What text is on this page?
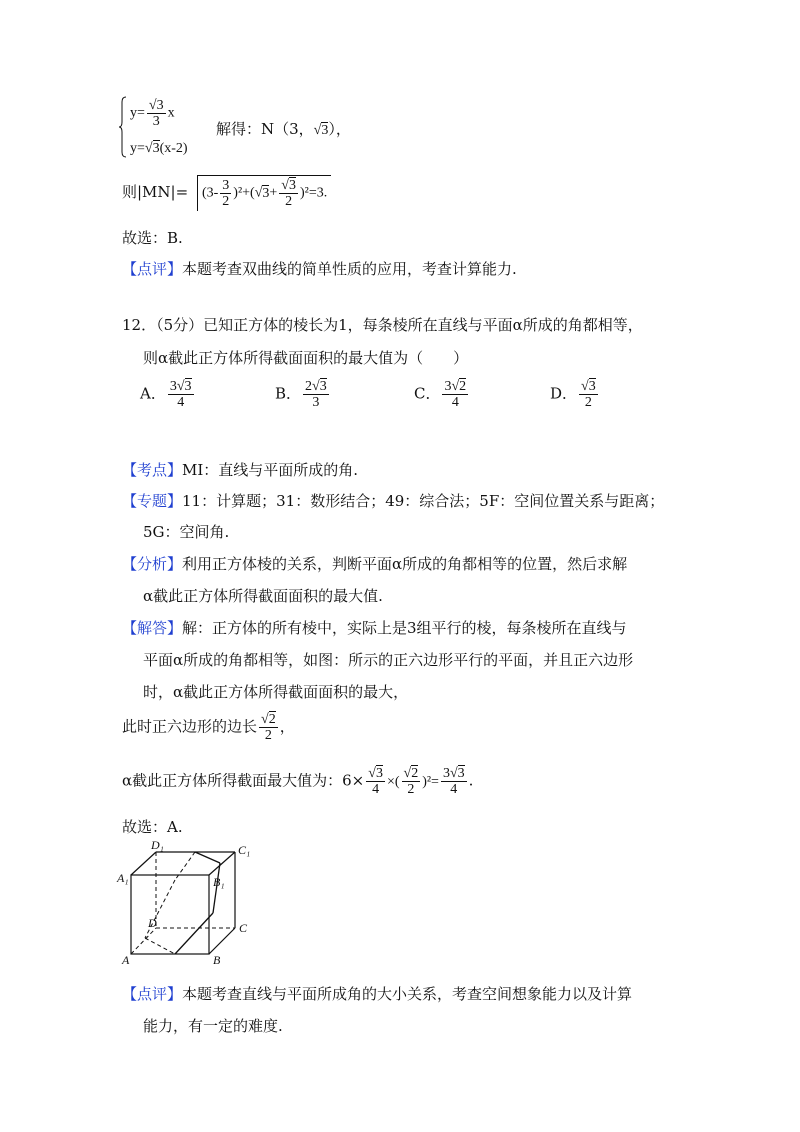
$y= \frac{√3}{3}$ x
y=√3(x-2)
解得：N（3，√3），
则$|MN|= (3- \frac{3}{2} )^2+(√3+ \frac{√3}{2} )^2=3$.
故选：B.
【点评】本题考查双曲线的简单性质的应用，考查计算能力.
12．（5分）已知正方体的棱长为1，每条棱所在直线与平面α所成的角都相等，
则α截此正方体所得截面面积的最大值为（　　）
A． $\frac{3√3}{4}$	B． $\frac{2√3}{3}$	C． $\frac{3√2}{4}$	D． $\frac{√3}{2}$
【考点】MI：直线与平面所成的角.
【专题】11：计算题；31：数形结合；49：综合法；5F：空间位置关系与距离；
5G：空间角.
【分析】利用正方体棱的关系，判断平面α所成的角都相等的位置，然后求解
α截此正方体所得截面面积的最大值.
【解答】解：正方体的所有棱中，实际上是3组平行的棱，每条棱所在直线与
平面α所成的角都相等，如图：所示的正六边形平行的平面，并且正六边形
时，α截此正方体所得截面面积的最大，
此时正六边形的边长 $\frac{√2}{2}$ ，
α截此正方体所得截面最大值为：$6\times \frac{√3}{4}$ ×( $\frac{√2}{2} )^2= \frac{3√3}{4}$ .
故选：A.
D₁	C₁
A₁	B₁
D	C
A	B
【点评】本题考查直线与平面所成角的大小关系，考查空间想象能力以及计算
能力，有一定的难度.
